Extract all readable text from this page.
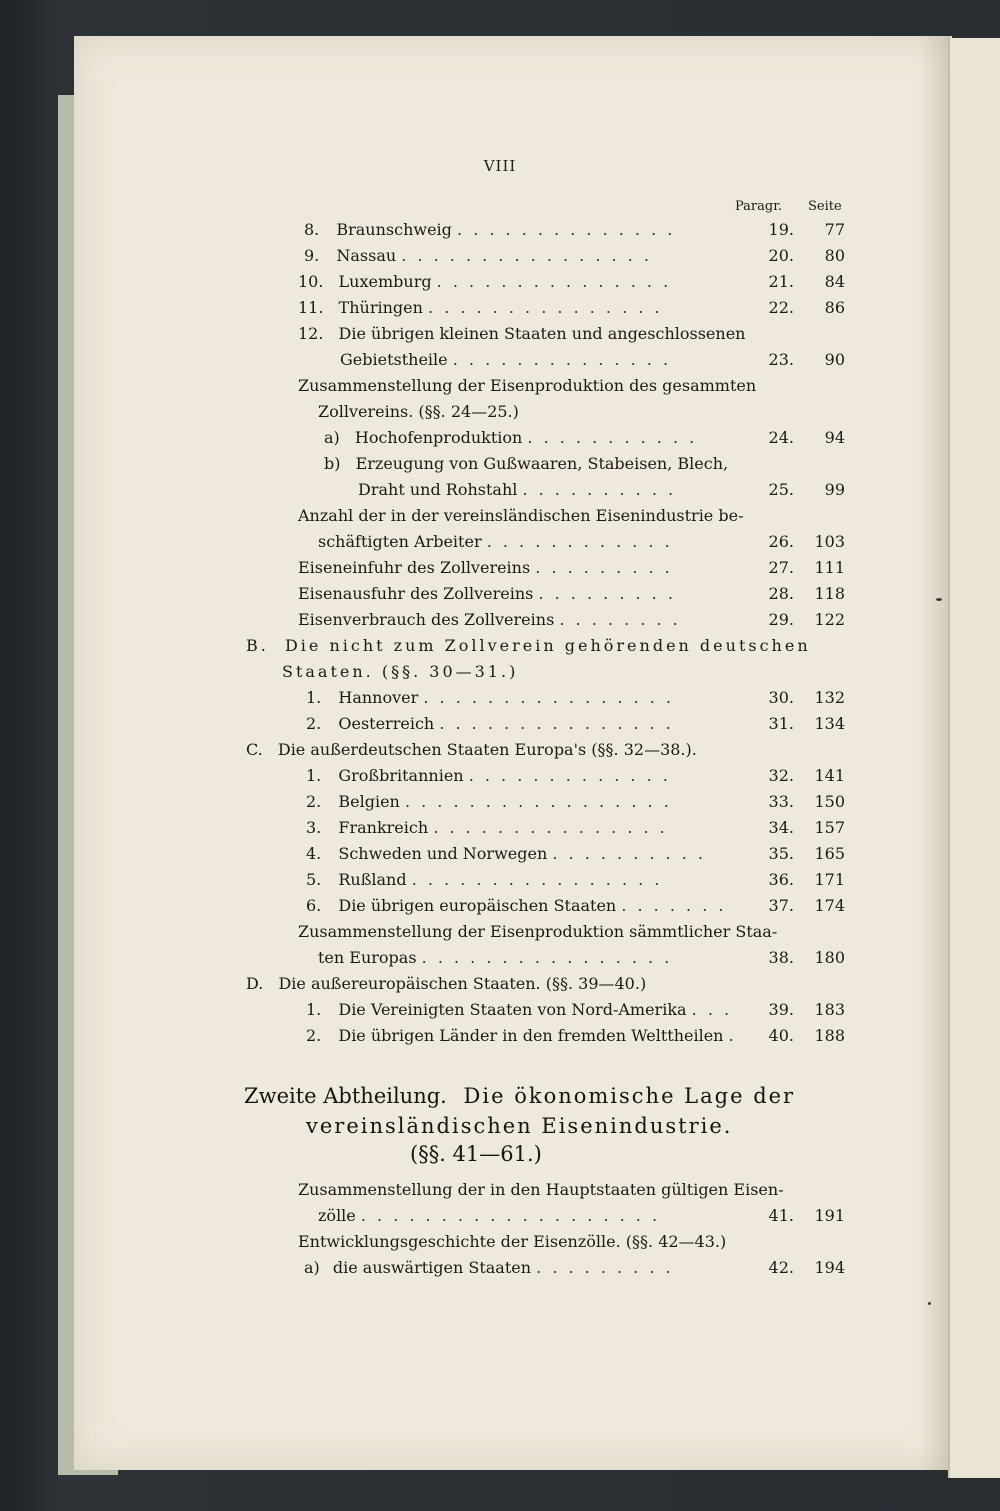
VIII
Paragr. Seite
8. Braunschweig . . . . . . . . . . . . . .	19.	77
9. Nassau . . . . . . . . . . . . . . . .	20.	80
10. Luxemburg . . . . . . . . . . . . . . .	21.	84
11. Thüringen . . . . . . . . . . . . . . .	22.	86
12. Die übrigen kleinen Staaten und angeschlossenen
Gebietstheile . . . . . . . . . . . . . .	23.	90
Zusammenstellung der Eisenproduktion des gesammten
Zollvereins. (§§. 24—25.)
a) Hochofenproduktion . . . . . . . . . . .	24.	94
b) Erzeugung von Gußwaaren, Stabeisen, Blech,
Draht und Rohstahl . . . . . . . . . .	25.	99
Anzahl der in der vereinsländischen Eisenindustrie be-
schäftigten Arbeiter . . . . . . . . . . . .	26.	103
Eiseneinfuhr des Zollvereins . . . . . . . . .	27.	111
Eisenausfuhr des Zollvereins . . . . . . . . .	28.	118
Eisenverbrauch des Zollvereins . . . . . . . .	29.	122
B. Die nicht zum Zollverein gehörenden deutschen
Staaten. (§§. 30—31.)
1. Hannover . . . . . . . . . . . . . . . .	30.	132
2. Oesterreich . . . . . . . . . . . . . . .	31.	134
C. Die außerdeutschen Staaten Europa's (§§. 32—38.).
1. Großbritannien . . . . . . . . . . . . .	32.	141
2. Belgien . . . . . . . . . . . . . . . . .	33.	150
3. Frankreich . . . . . . . . . . . . . . .	34.	157
4. Schweden und Norwegen . . . . . . . . . .	35.	165
5. Rußland . . . . . . . . . . . . . . . .	36.	171
6. Die übrigen europäischen Staaten . . . . . . .	37.	174
Zusammenstellung der Eisenproduktion sämmtlicher Staa-
ten Europas . . . . . . . . . . . . . . . .	38.	180
D. Die außereuropäischen Staaten. (§§. 39—40.)
1. Die Vereinigten Staaten von Nord-Amerika . . .	39.	183
2. Die übrigen Länder in den fremden Welttheilen .	40.	188
Zweite Abtheilung. Die ökonomische Lage der
vereinsländischen Eisenindustrie.
(§§. 41—61.)
Zusammenstellung der in den Hauptstaaten gültigen Eisen-
zölle . . . . . . . . . . . . . . . . . . .	41.	191
Entwicklungsgeschichte der Eisenzölle. (§§. 42—43.)
a) die auswärtigen Staaten . . . . . . . . .	42.	194
